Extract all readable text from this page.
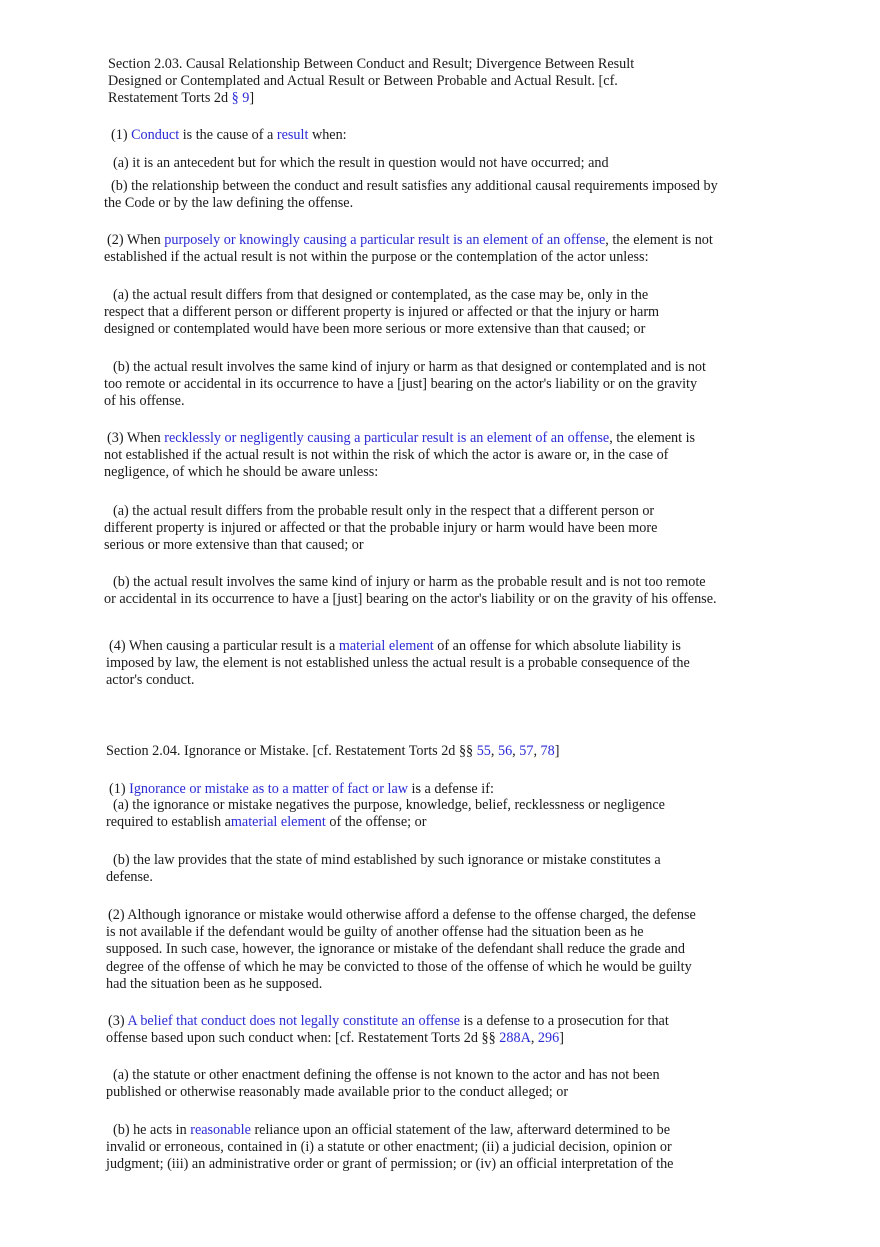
Section 2.03. Causal Relationship Between Conduct and Result; Divergence Between Result Designed or Contemplated and Actual Result or Between Probable and Actual Result. [cf. Restatement Torts 2d § 9]

(1) Conduct is the cause of a result when:

(a) it is an antecedent but for which the result in question would not have occurred; and

(b) the relationship between the conduct and result satisfies any additional causal requirements imposed by the Code or by the law defining the offense.

(2) When purposely or knowingly causing a particular result is an element of an offense, the element is not established if the actual result is not within the purpose or the contemplation of the actor unless:

(a) the actual result differs from that designed or contemplated, as the case may be, only in the respect that a different person or different property is injured or affected or that the injury or harm designed or contemplated would have been more serious or more extensive than that caused; or

(b) the actual result involves the same kind of injury or harm as that designed or contemplated and is not too remote or accidental in its occurrence to have a [just] bearing on the actor's liability or on the gravity of his offense.

(3) When recklessly or negligently causing a particular result is an element of an offense, the element is not established if the actual result is not within the risk of which the actor is aware or, in the case of negligence, of which he should be aware unless:

(a) the actual result differs from the probable result only in the respect that a different person or different property is injured or affected or that the probable injury or harm would have been more serious or more extensive than that caused; or

(b) the actual result involves the same kind of injury or harm as the probable result and is not too remote or accidental in its occurrence to have a [just] bearing on the actor's liability or on the gravity of his offense.

(4) When causing a particular result is a material element of an offense for which absolute liability is imposed by law, the element is not established unless the actual result is a probable consequence of the actor's conduct.

Section 2.04. Ignorance or Mistake. [cf. Restatement Torts 2d §§ 55, 56, 57, 78]

(1) Ignorance or mistake as to a matter of fact or law is a defense if:

(a) the ignorance or mistake negatives the purpose, knowledge, belief, recklessness or negligence required to establish amaterial element of the offense; or

(b) the law provides that the state of mind established by such ignorance or mistake constitutes a defense.

(2) Although ignorance or mistake would otherwise afford a defense to the offense charged, the defense is not available if the defendant would be guilty of another offense had the situation been as he supposed. In such case, however, the ignorance or mistake of the defendant shall reduce the grade and degree of the offense of which he may be convicted to those of the offense of which he would be guilty had the situation been as he supposed.

(3) A belief that conduct does not legally constitute an offense is a defense to a prosecution for that offense based upon such conduct when: [cf. Restatement Torts 2d §§ 288A, 296]

(a) the statute or other enactment defining the offense is not known to the actor and has not been published or otherwise reasonably made available prior to the conduct alleged; or

(b) he acts in reasonable reliance upon an official statement of the law, afterward determined to be invalid or erroneous, contained in (i) a statute or other enactment; (ii) a judicial decision, opinion or judgment; (iii) an administrative order or grant of permission; or (iv) an official interpretation of the
